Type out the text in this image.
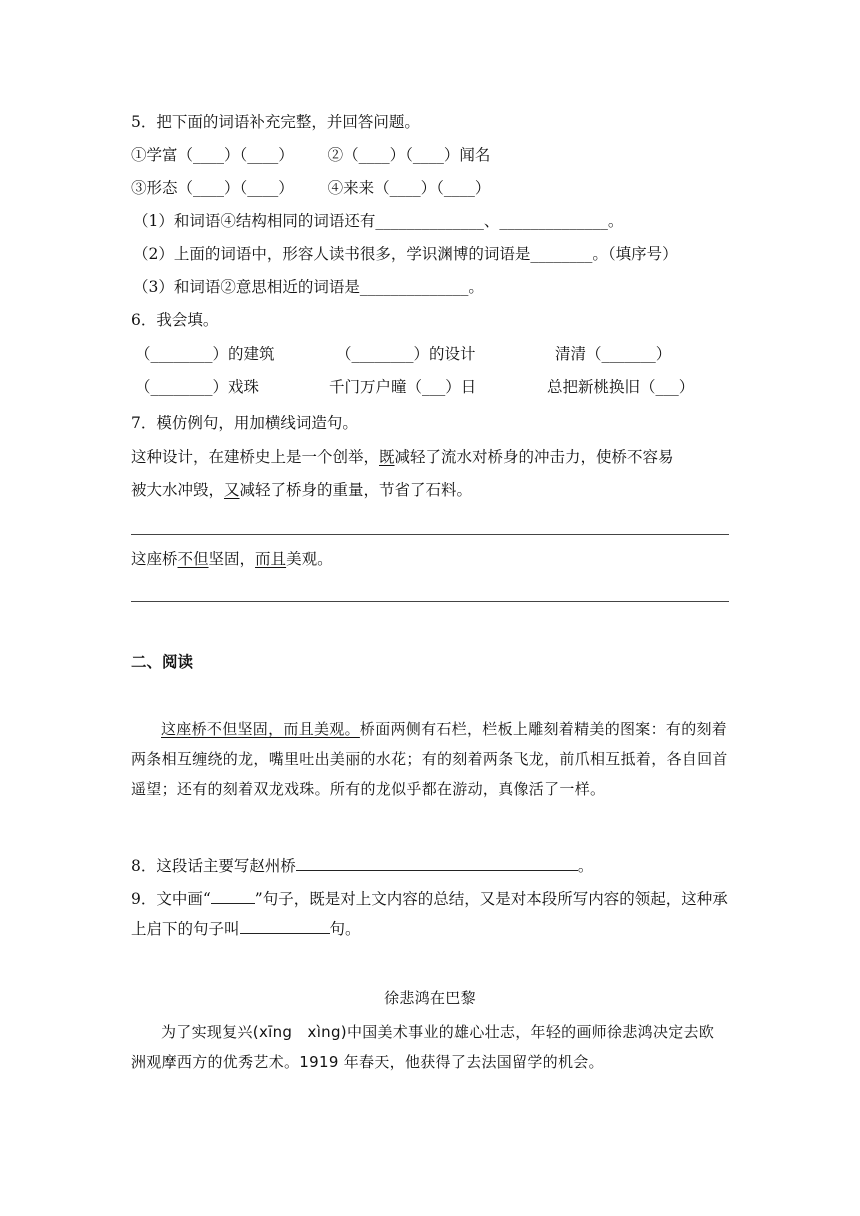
5．把下面的词语补充完整，并回答问题。
①学富（____）（____） ②（____）（____）闻名
③形态（____）（____） ④来来（____）（____）
（1）和词语④结构相同的词语还有______________、______________。
（2）上面的词语中，形容人读书很多，学识渊博的词语是________。（填序号）
（3）和词语②意思相近的词语是______________。
6．我会填。
（________）的建筑	（________）的设计	清清（_______）
（________）戏珠	千门万户曈（___）日	总把新桃换旧（___）
7．模仿例句，用加横线词造句。
这种设计，在建桥史上是一个创举，既减轻了流水对桥身的冲击力，使桥不容易
被大水冲毁，又减轻了桥身的重量，节省了石料。
这座桥不但坚固，而且美观。
二、阅读
这座桥不但坚固，而且美观。桥面两侧有石栏，栏板上雕刻着精美的图案：有的刻着两条相互缠绕的龙，嘴里吐出美丽的水花；有的刻着两条飞龙，前爪相互抵着，各自回首遥望；还有的刻着双龙戏珠。所有的龙似乎都在游动，真像活了一样。
8．这段话主要写赵州桥	。
9．文中画“	”句子，既是对上文内容的总结，又是对本段所写内容的领起，这种承上启下的句子叫	句。
徐悲鸿在巴黎
为了实现复兴(xīng　xìng)中国美术事业的雄心壮志，年轻的画师徐悲鸿决定去欧洲观摩西方的优秀艺术。1919 年春天，他获得了去法国留学的机会。
